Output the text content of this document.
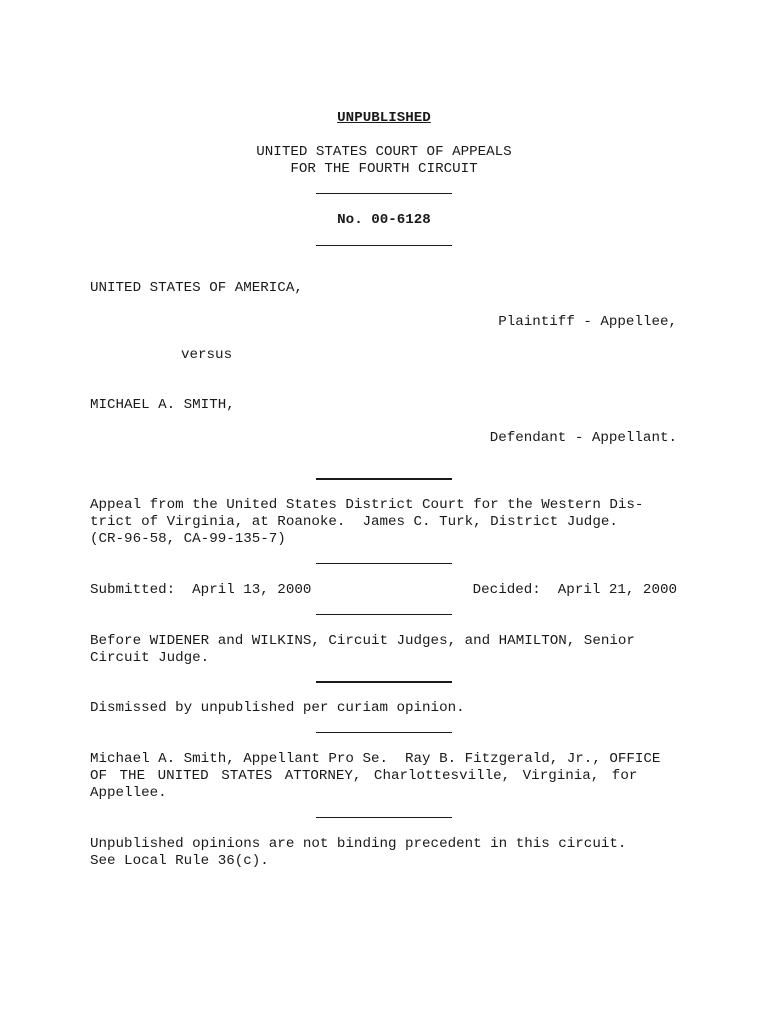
UNPUBLISHED

UNITED STATES COURT OF APPEALS

FOR THE FOURTH CIRCUIT

No. 00-6128

UNITED STATES OF AMERICA,

Plaintiff - Appellee,

versus

MICHAEL A. SMITH,

Defendant - Appellant.

Appeal from the United States District Court for the Western Dis-

trict of Virginia, at Roanoke.  James C. Turk, District Judge.

(CR-96-58, CA-99-135-7)

Submitted:  April 13, 2000	Decided:  April 21, 2000

Before WIDENER and WILKINS, Circuit Judges, and HAMILTON, Senior

Circuit Judge.

Dismissed by unpublished per curiam opinion.

Michael A. Smith, Appellant Pro Se.  Ray B. Fitzgerald, Jr., OFFICE

OF THE UNITED STATES ATTORNEY, Charlottesville, Virginia, for

Appellee.

Unpublished opinions are not binding precedent in this circuit.

See Local Rule 36(c).
